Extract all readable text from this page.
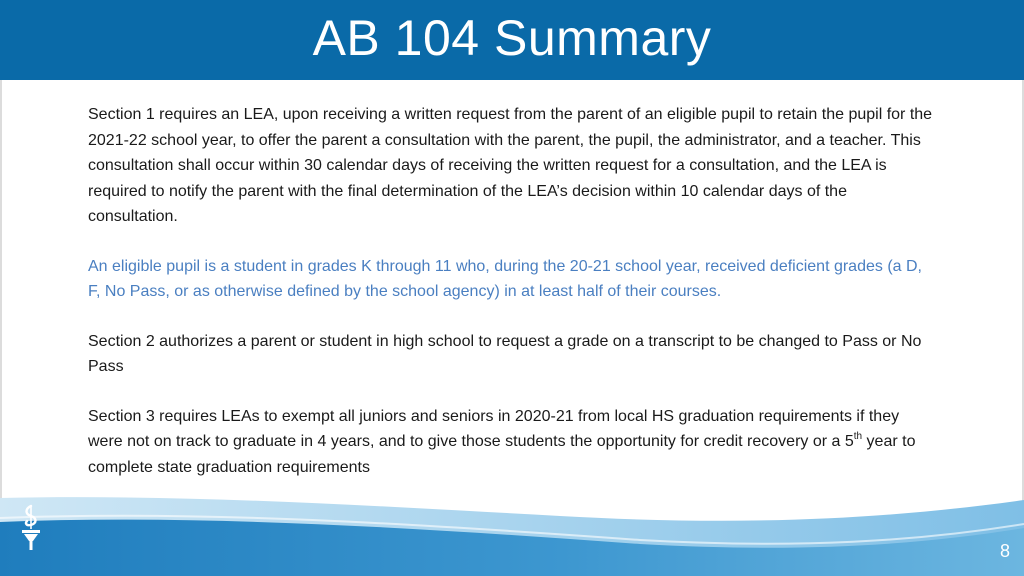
AB 104 Summary

Section 1 requires an LEA, upon receiving a written request from the parent of an eligible pupil to retain the pupil for the 2021-22 school year, to offer the parent a consultation with the parent, the pupil, the administrator, and a teacher. This consultation shall occur within 30 calendar days of receiving the written request for a consultation, and the LEA is required to notify the parent with the final determination of the LEA’s decision within 10 calendar days of the consultation.

An eligible pupil is a student in grades K through 11 who, during the 20-21 school year, received deficient grades (a D, F, No Pass, or as otherwise defined by the school agency) in at least half of their courses.

Section 2 authorizes a parent or student in high school to request a grade on a transcript to be changed to Pass or No Pass

Section 3 requires LEAs to exempt all juniors and seniors in 2020-21 from local HS graduation requirements if they were not on track to graduate in 4 years, and to give those students the opportunity for credit recovery or a 5th year to complete state graduation requirements

8
